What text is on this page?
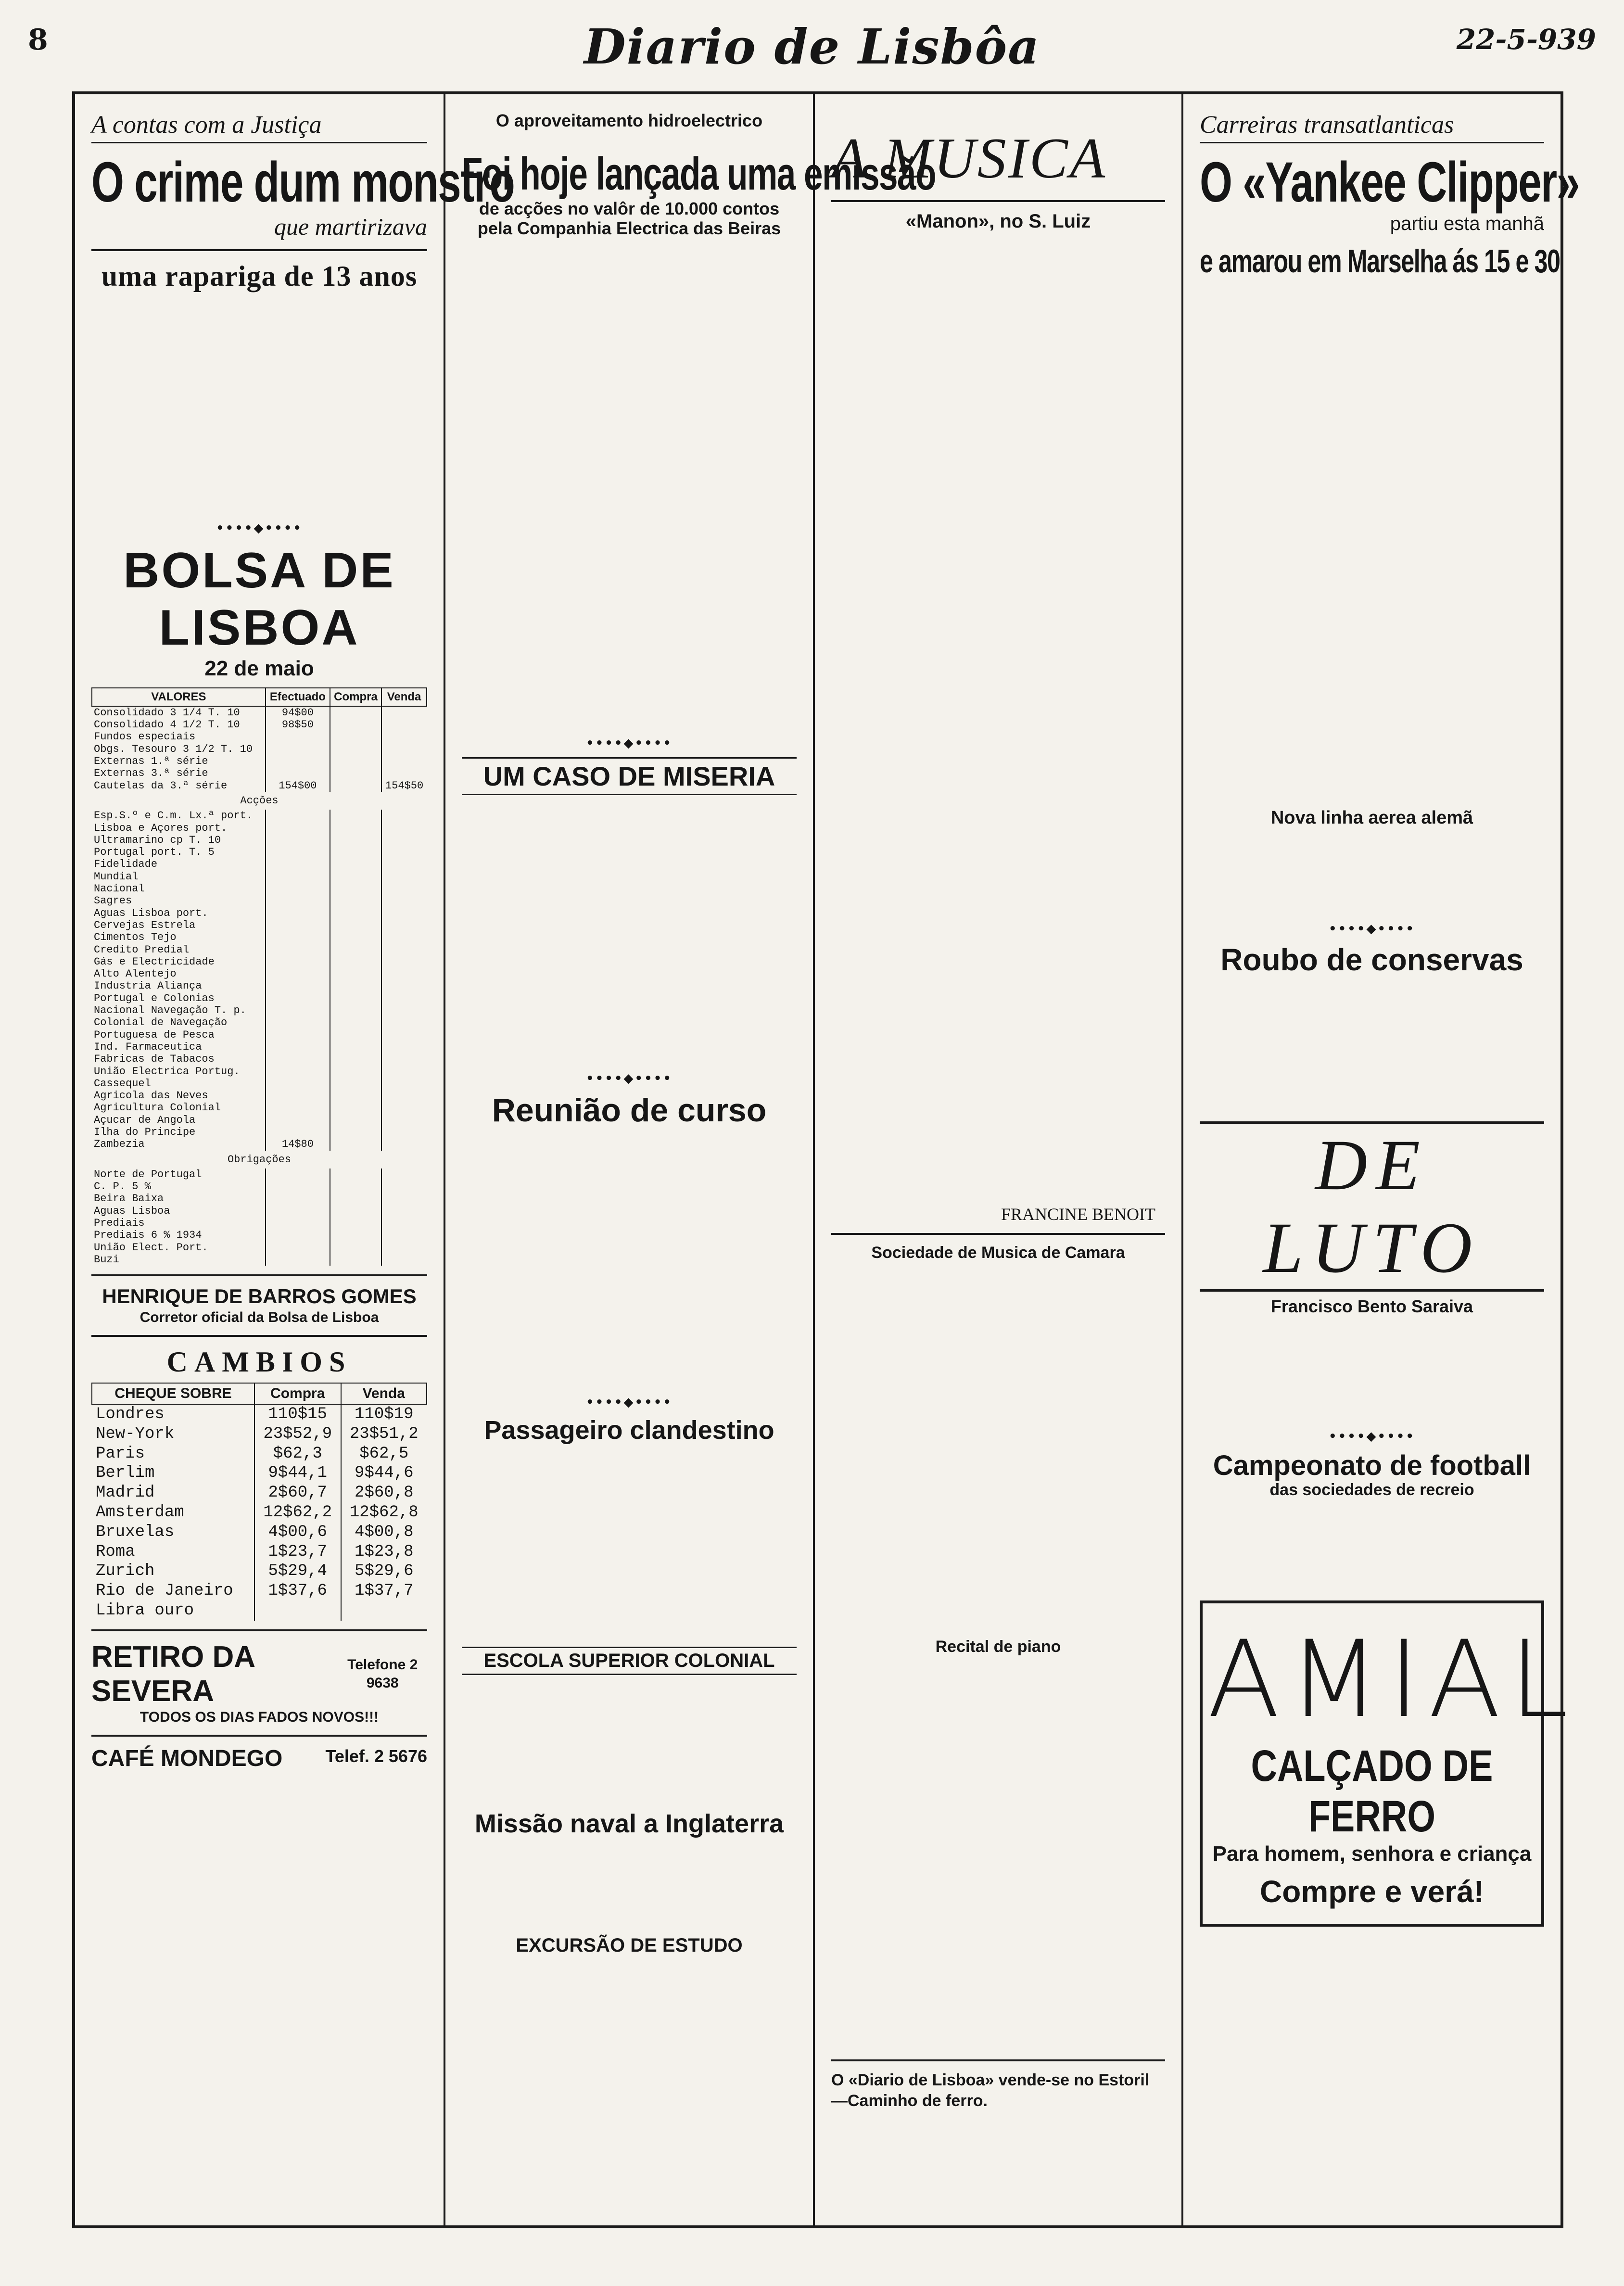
8	Diario de Lisbôa	22-5-939
A contas com a Justiça
O crime dum monstro
que martirizava
uma rapariga de 13 anos
••••◆••••
BOLSA DE LISBOA
22 de maio
VALORES	Efectuado	Compra	Venda
Consolidado 3 1/4 T. 10	94$00		
Consolidado 4 1/2 T. 10	98$50		
Fundos especiais			
Obgs. Tesouro 3 1/2 T. 10			
Externas 1.ª série			
Externas 3.ª série			
Cautelas da 3.ª série	154$00		154$50
Acções			
Esp.S.º e C.m. Lx.ª port.			
Lisboa e Açores port.			
Ultramarino cp T. 10			
Portugal port. T. 5			
Fidelidade			
Mundial			
Nacional			
Sagres			
Aguas Lisboa port.			
Cervejas Estrela			
Cimentos Tejo			
Credito Predial			
Gás e Electricidade			
Alto Alentejo			
Industria Aliança			
Portugal e Colonias			
Nacional Navegação T. p.			
Colonial de Navegação			
Portuguesa de Pesca			
Ind. Farmaceutica			
Fabricas de Tabacos			
União Electrica Portug.			
Cassequel			
Agricola das Neves			
Agricultura Colonial			
Açucar de Angola			
Ilha do Principe			
Zambezia	14$80		
Obrigações			
Norte de Portugal			
C. P. 5 %			
Beira Baixa			
Aguas Lisboa			
Prediais			
Prediais 6 % 1934			
União Elect. Port.			
Buzi			
HENRIQUE DE BARROS GOMES
Corretor oficial da Bolsa de Lisboa
CAMBIOS
CHEQUE SOBRE	Compra	Venda
Londres	110$15	110$19
New-York	23$52,9	23$51,2
Paris	$62,3	$62,5
Berlim	9$44,1	9$44,6
Madrid	2$60,7	2$60,8
Amsterdam	12$62,2	12$62,8
Bruxelas	4$00,6	4$00,8
Roma	1$23,7	1$23,8
Zurich	5$29,4	5$29,6
Rio de Janeiro	1$37,6	1$37,7
Libra ouro		
RETIRO DA SEVERA
Telefone 2 9638
TODOS OS DIAS FADOS NOVOS!!!
CAFÉ MONDEGO Telef. 2 5676
O aproveitamento hidroelectrico
Foi hoje lançada uma emissão
de acções no valôr de 10.000 contos pela Companhia Electrica das Beiras
••••◆••••
UM CASO DE MISERIA
••••◆••••
Reunião de curso
••••◆••••
Passageiro clandestino
ESCOLA SUPERIOR COLONIAL
Missão naval a Inglaterra
EXCURSÃO DE ESTUDO
A MUSICA
«Manon», no S. Luiz
FRANCINE BENOIT
Sociedade de Musica de Camara
Recital de piano
O «Diario de Lisboa» vende-se no Estoril—Caminho de ferro.
Carreiras transatlanticas
O «Yankee Clipper»
partiu esta manhã
e amarou em Marselha ás 15 e 30
Nova linha aerea alemã
••••◆••••
Roubo de conservas
DE LUTO
Francisco Bento Saraiva
••••◆••••
Campeonato de football
das sociedades de recreio
AMIAL
CALÇADO DE FERRO
Para homem, senhora e criança
Compre e verá!
